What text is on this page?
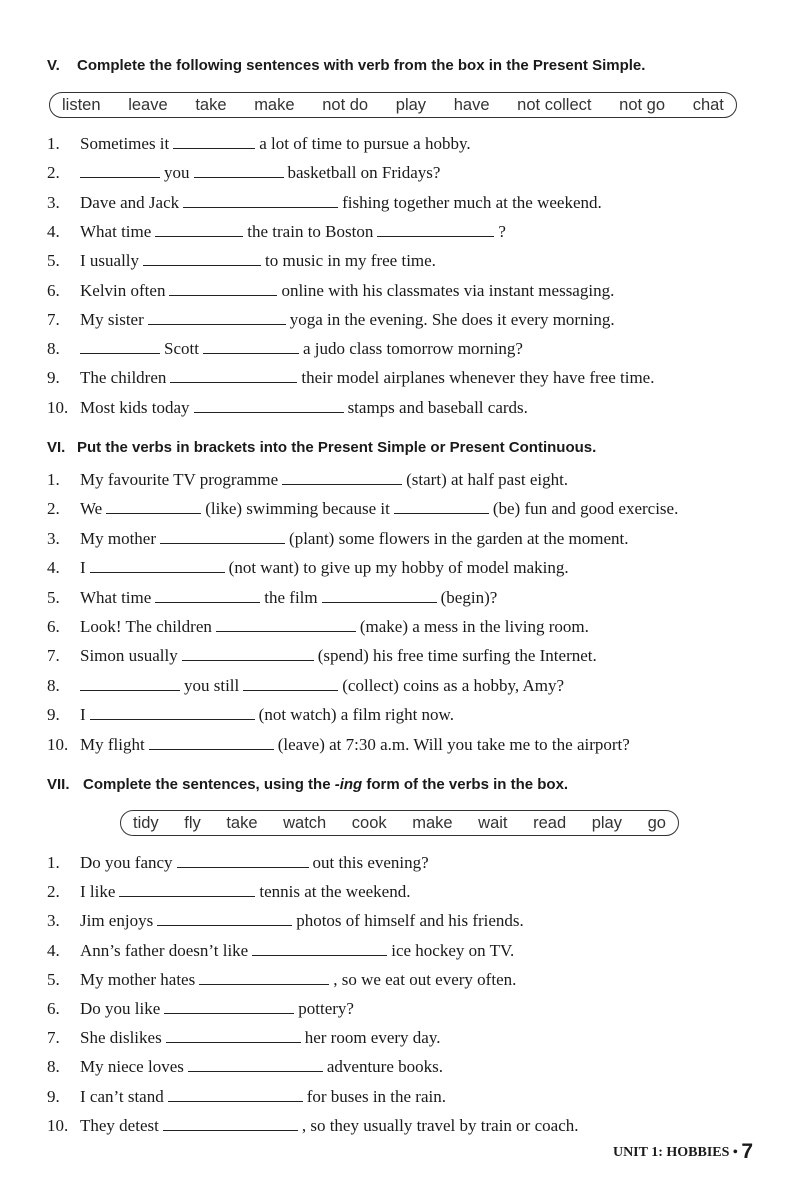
V. Complete the following sentences with verb from the box in the Present Simple.
listen leave take make not do play have not collect not go chat
1. Sometimes it	a lot of time to pursue a hobby.
2.	you	basketball on Fridays?
3. Dave and Jack	fishing together much at the weekend.
4. What time	the train to Boston	?
5. I usually	to music in my free time.
6. Kelvin often	online with his classmates via instant messaging.
7. My sister	yoga in the evening. She does it every morning.
8.	Scott	a judo class tomorrow morning?
9. The children	their model airplanes whenever they have free time.
10. Most kids today	stamps and baseball cards.
VI. Put the verbs in brackets into the Present Simple or Present Continuous.
1. My favourite TV programme	(start) at half past eight.
2. We	(like) swimming because it	(be) fun and good exercise.
3. My mother	(plant) some flowers in the garden at the moment.
4. I	(not want) to give up my hobby of model making.
5. What time	the film	(begin)?
6. Look! The children	(make) a mess in the living room.
7. Simon usually	(spend) his free time surfing the Internet.
8.	you still	(collect) coins as a hobby, Amy?
9. I	(not watch) a film right now.
10. My flight	(leave) at 7:30 a.m. Will you take me to the airport?
VII. Complete the sentences, using the -ing form of the verbs in the box.
tidy fly take watch cook make wait read play go
1. Do you fancy	out this evening?
2. I like	tennis at the weekend.
3. Jim enjoys	photos of himself and his friends.
4. Ann’s father doesn’t like	ice hockey on TV.
5. My mother hates	, so we eat out every often.
6. Do you like	pottery?
7. She dislikes	her room every day.
8. My niece loves	adventure books.
9. I can’t stand	for buses in the rain.
10. They detest	, so they usually travel by train or coach.
UNIT 1: HOBBIES • 7
